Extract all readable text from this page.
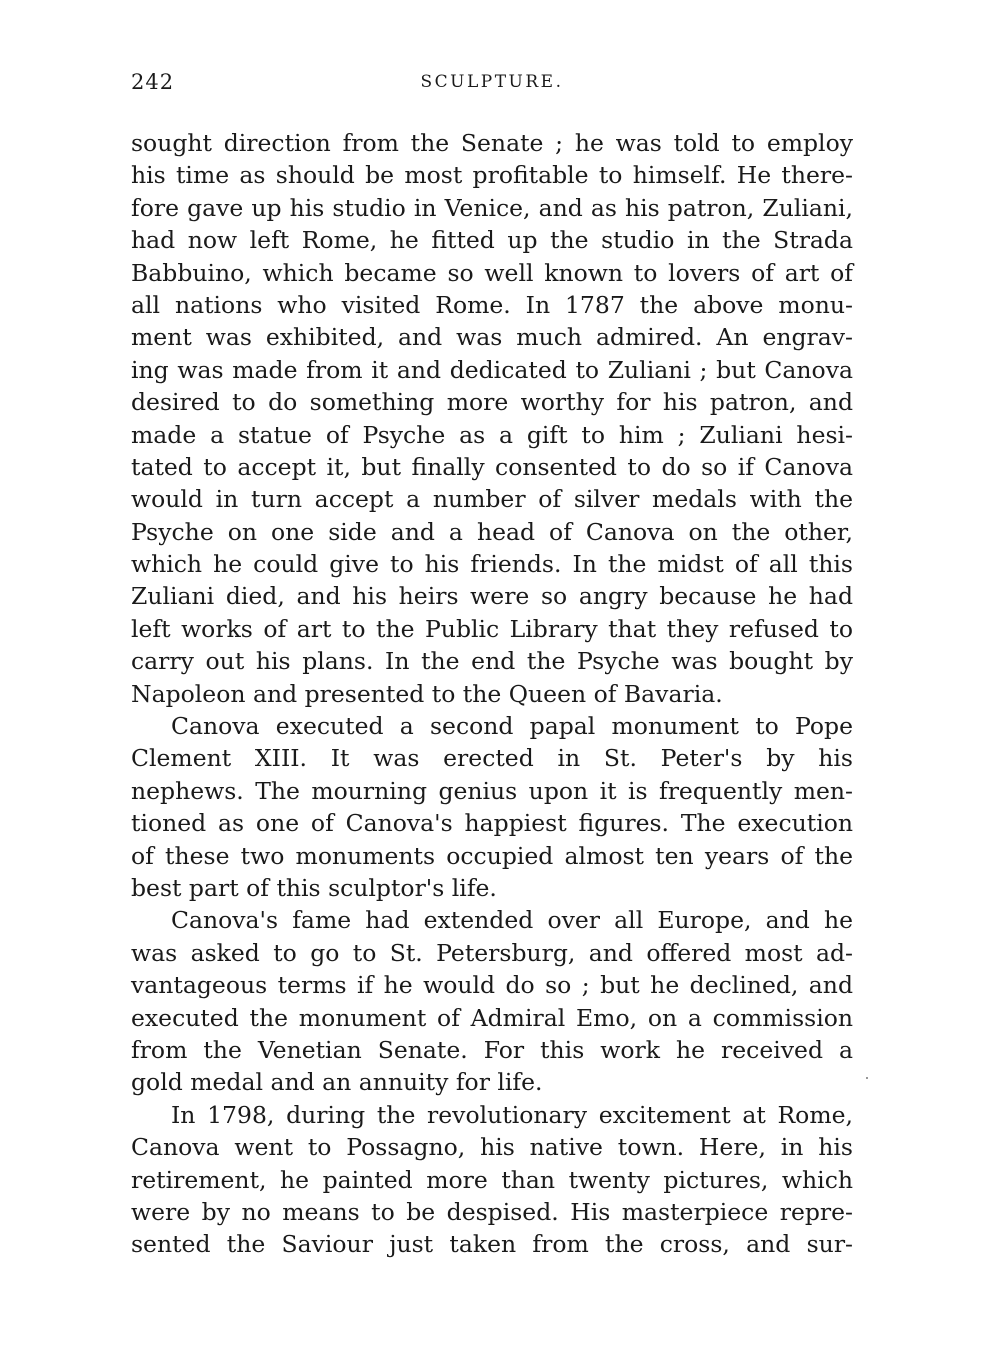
242	SCULPTURE.
sought direction from the Senate ; he was told to employ
his time as should be most profitable to himself. He there-
fore gave up his studio in Venice, and as his patron, Zuliani,
had now left Rome, he fitted up the studio in the Strada
Babbuino, which became so well known to lovers of art of
all nations who visited Rome. In 1787 the above monu-
ment was exhibited, and was much admired. An engrav-
ing was made from it and dedicated to Zuliani ; but Canova
desired to do something more worthy for his patron, and
made a statue of Psyche as a gift to him ; Zuliani hesi-
tated to accept it, but finally consented to do so if Canova
would in turn accept a number of silver medals with the
Psyche on one side and a head of Canova on the other,
which he could give to his friends. In the midst of all this
Zuliani died, and his heirs were so angry because he had
left works of art to the Public Library that they refused to
carry out his plans. In the end the Psyche was bought by
Napoleon and presented to the Queen of Bavaria.
Canova executed a second papal monument to Pope
Clement XIII. It was erected in St. Peter's by his
nephews. The mourning genius upon it is frequently men-
tioned as one of Canova's happiest figures. The execution
of these two monuments occupied almost ten years of the
best part of this sculptor's life.
Canova's fame had extended over all Europe, and he
was asked to go to St. Petersburg, and offered most ad-
vantageous terms if he would do so ; but he declined, and
executed the monument of Admiral Emo, on a commission
from the Venetian Senate. For this work he received a
gold medal and an annuity for life.
In 1798, during the revolutionary excitement at Rome,
Canova went to Possagno, his native town. Here, in his
retirement, he painted more than twenty pictures, which
were by no means to be despised. His masterpiece repre-
sented the Saviour just taken from the cross, and sur-
